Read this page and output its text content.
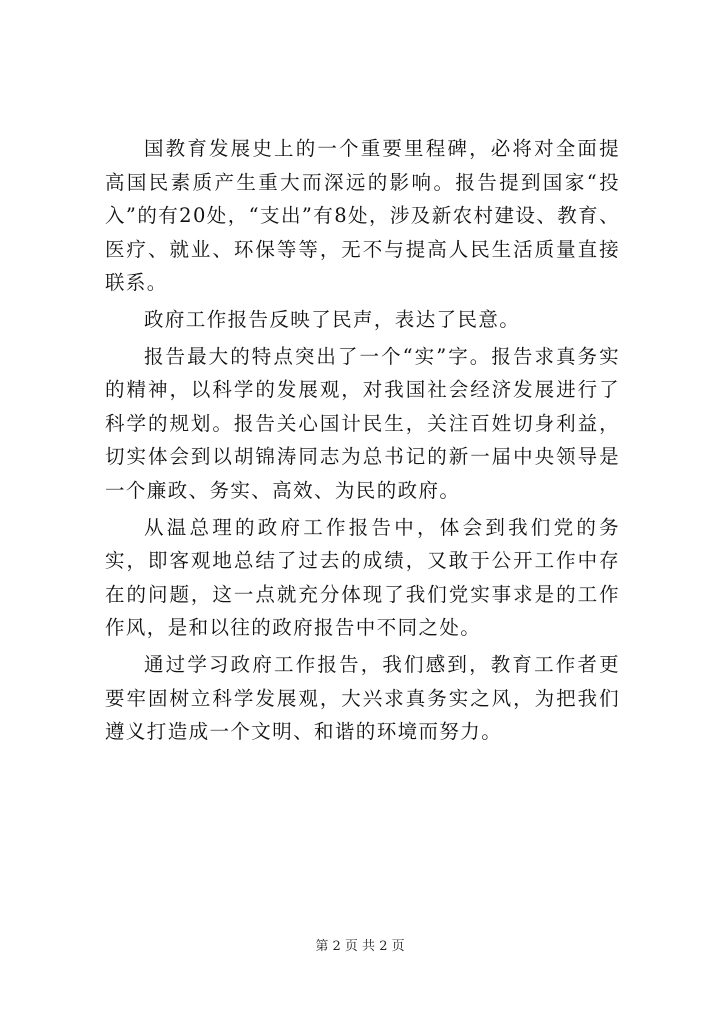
国教育发展史上的一个重要里程碑，必将对全面提高国民素质产生重大而深远的影响。报告提到国家“投入”的有20处，“支出”有8处，涉及新农村建设、教育、医疗、就业、环保等等，无不与提高人民生活质量直接联系。

政府工作报告反映了民声，表达了民意。

报告最大的特点突出了一个“实”字。报告求真务实的精神，以科学的发展观，对我国社会经济发展进行了科学的规划。报告关心国计民生，关注百姓切身利益，切实体会到以胡锦涛同志为总书记的新一届中央领导是一个廉政、务实、高效、为民的政府。

从温总理的政府工作报告中，体会到我们党的务实，即客观地总结了过去的成绩，又敢于公开工作中存在的问题，这一点就充分体现了我们党实事求是的工作作风，是和以往的政府报告中不同之处。

通过学习政府工作报告，我们感到，教育工作者更要牢固树立科学发展观，大兴求真务实之风，为把我们遵义打造成一个文明、和谐的环境而努力。

第 2 页 共 2 页
